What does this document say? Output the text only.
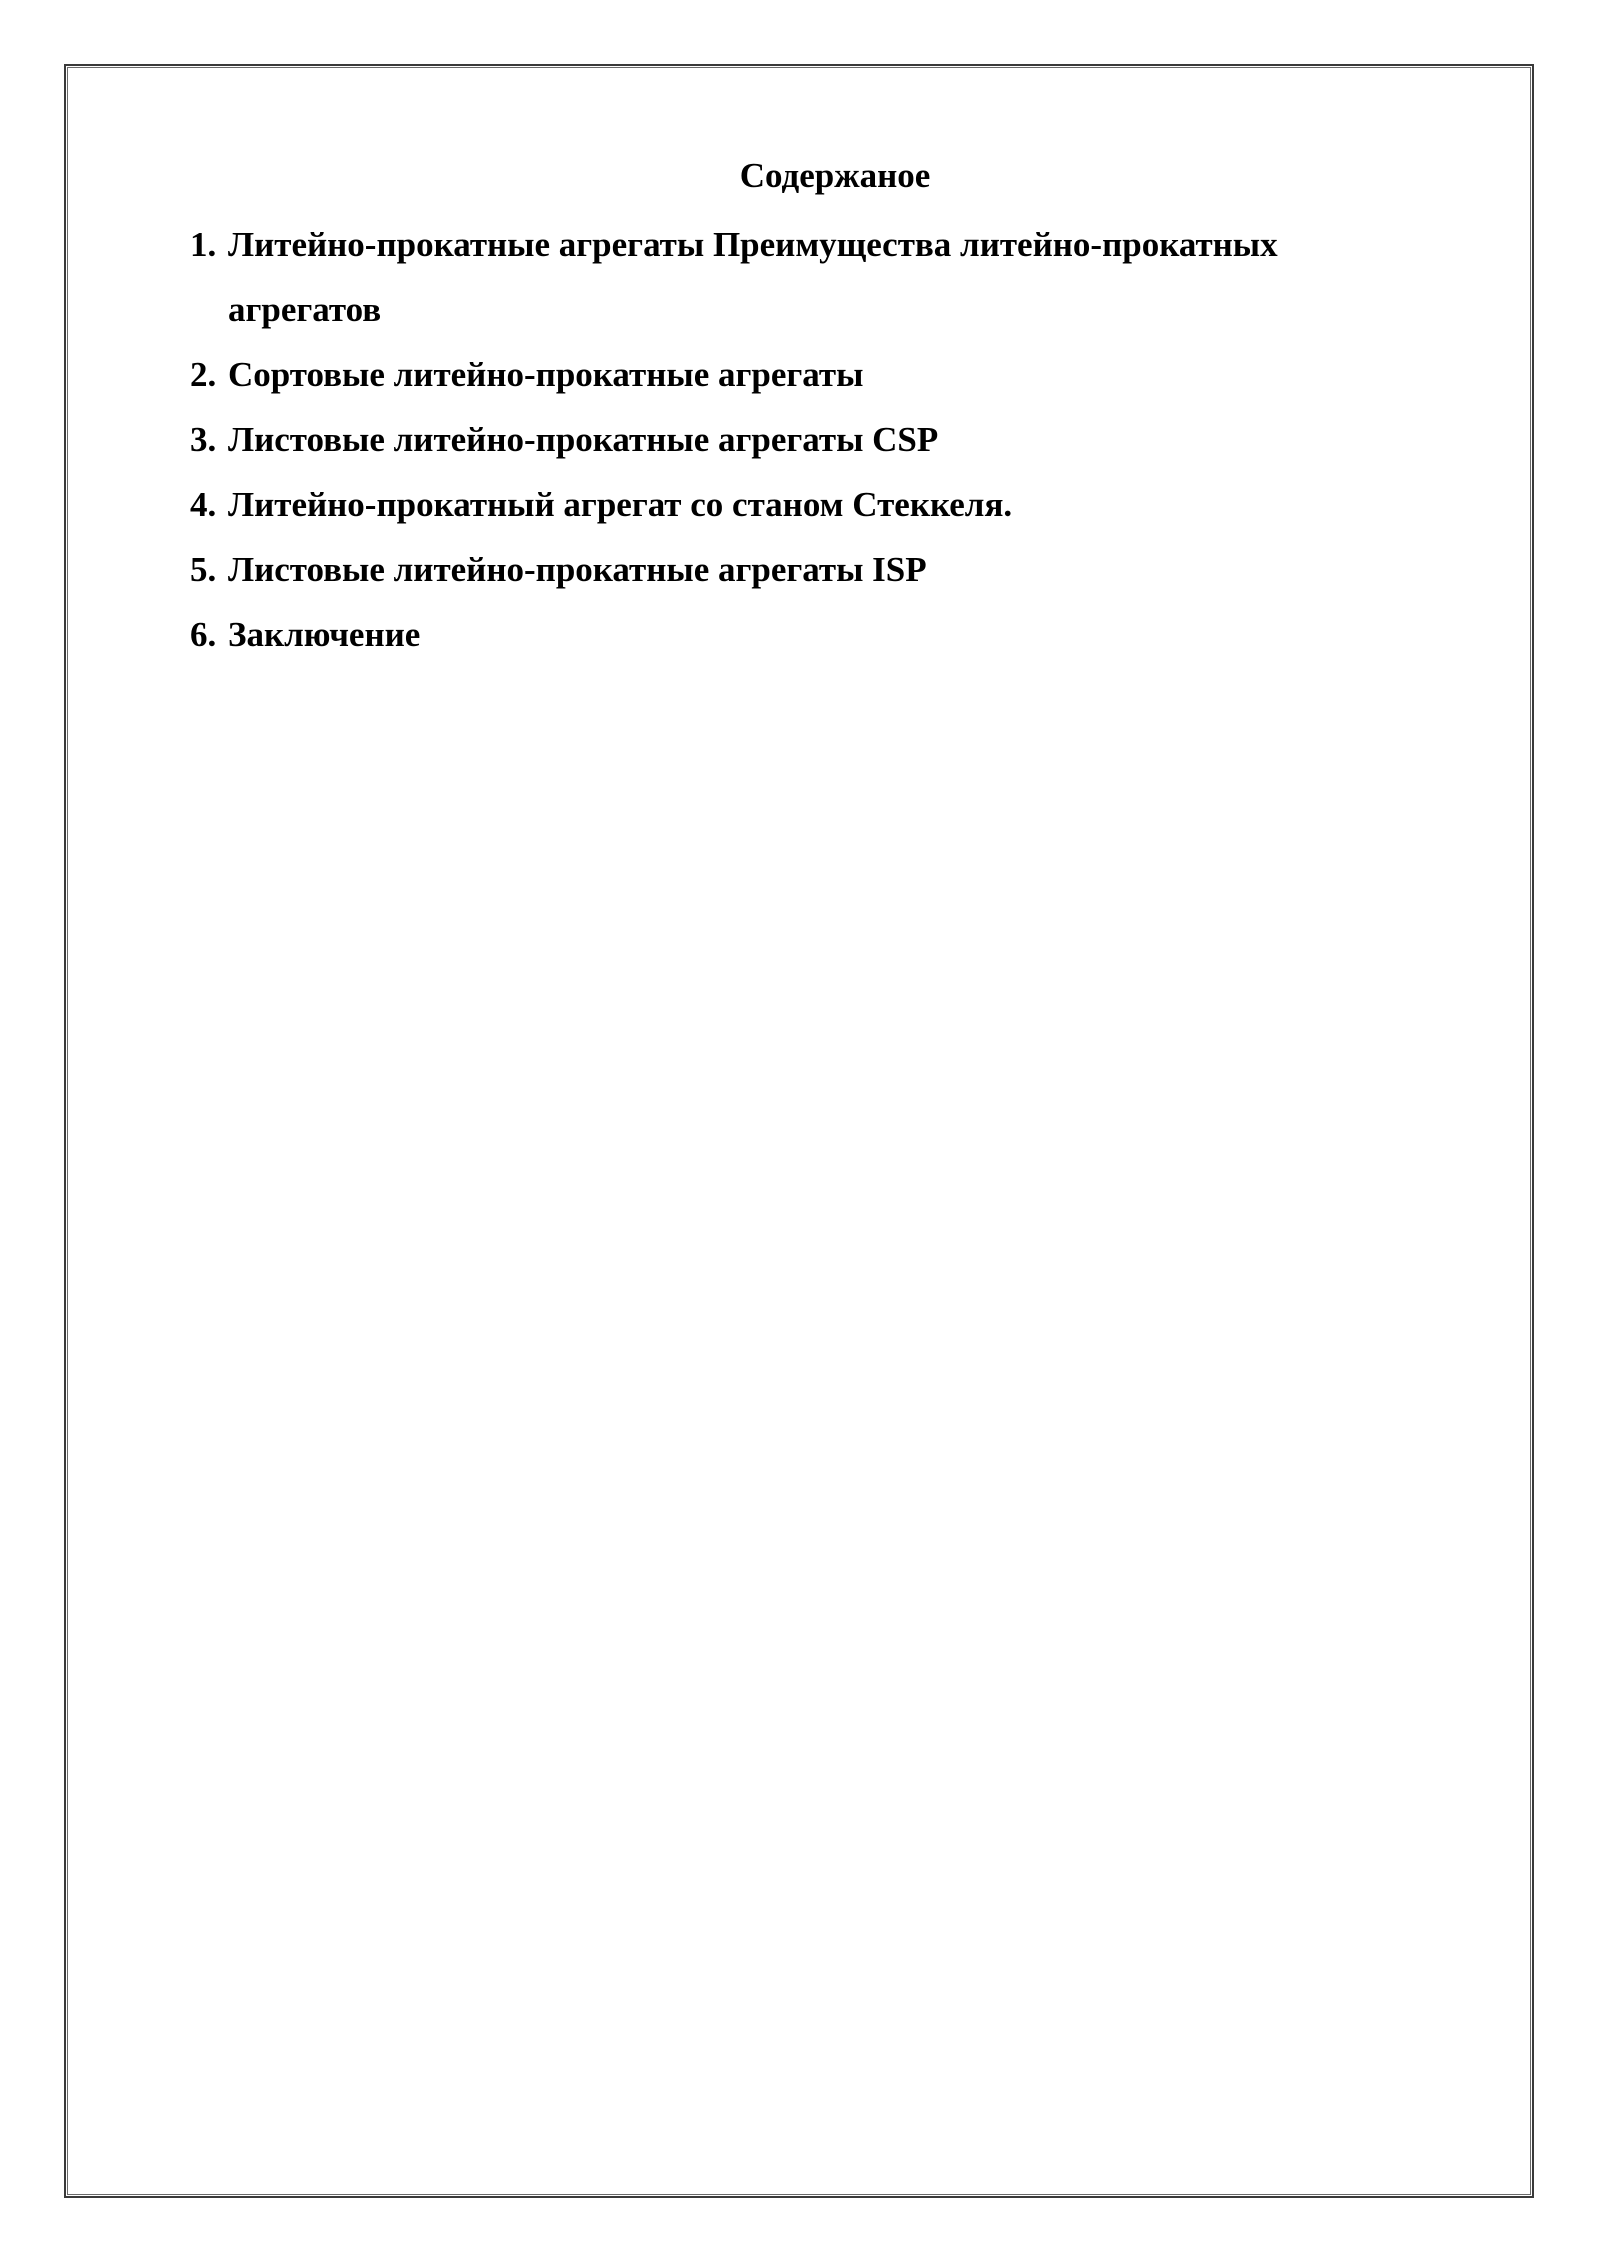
Содержаное
1. Литейно-прокатные агрегаты Преимущества литейно-прокатных агрегатов
2. Сортовые литейно-прокатные агрегаты
3. Листовые литейно-прокатные агрегаты CSP
4. Литейно-прокатный агрегат со станом Стеккеля.
5. Листовые литейно-прокатные агрегаты ISP
6. Заключение
